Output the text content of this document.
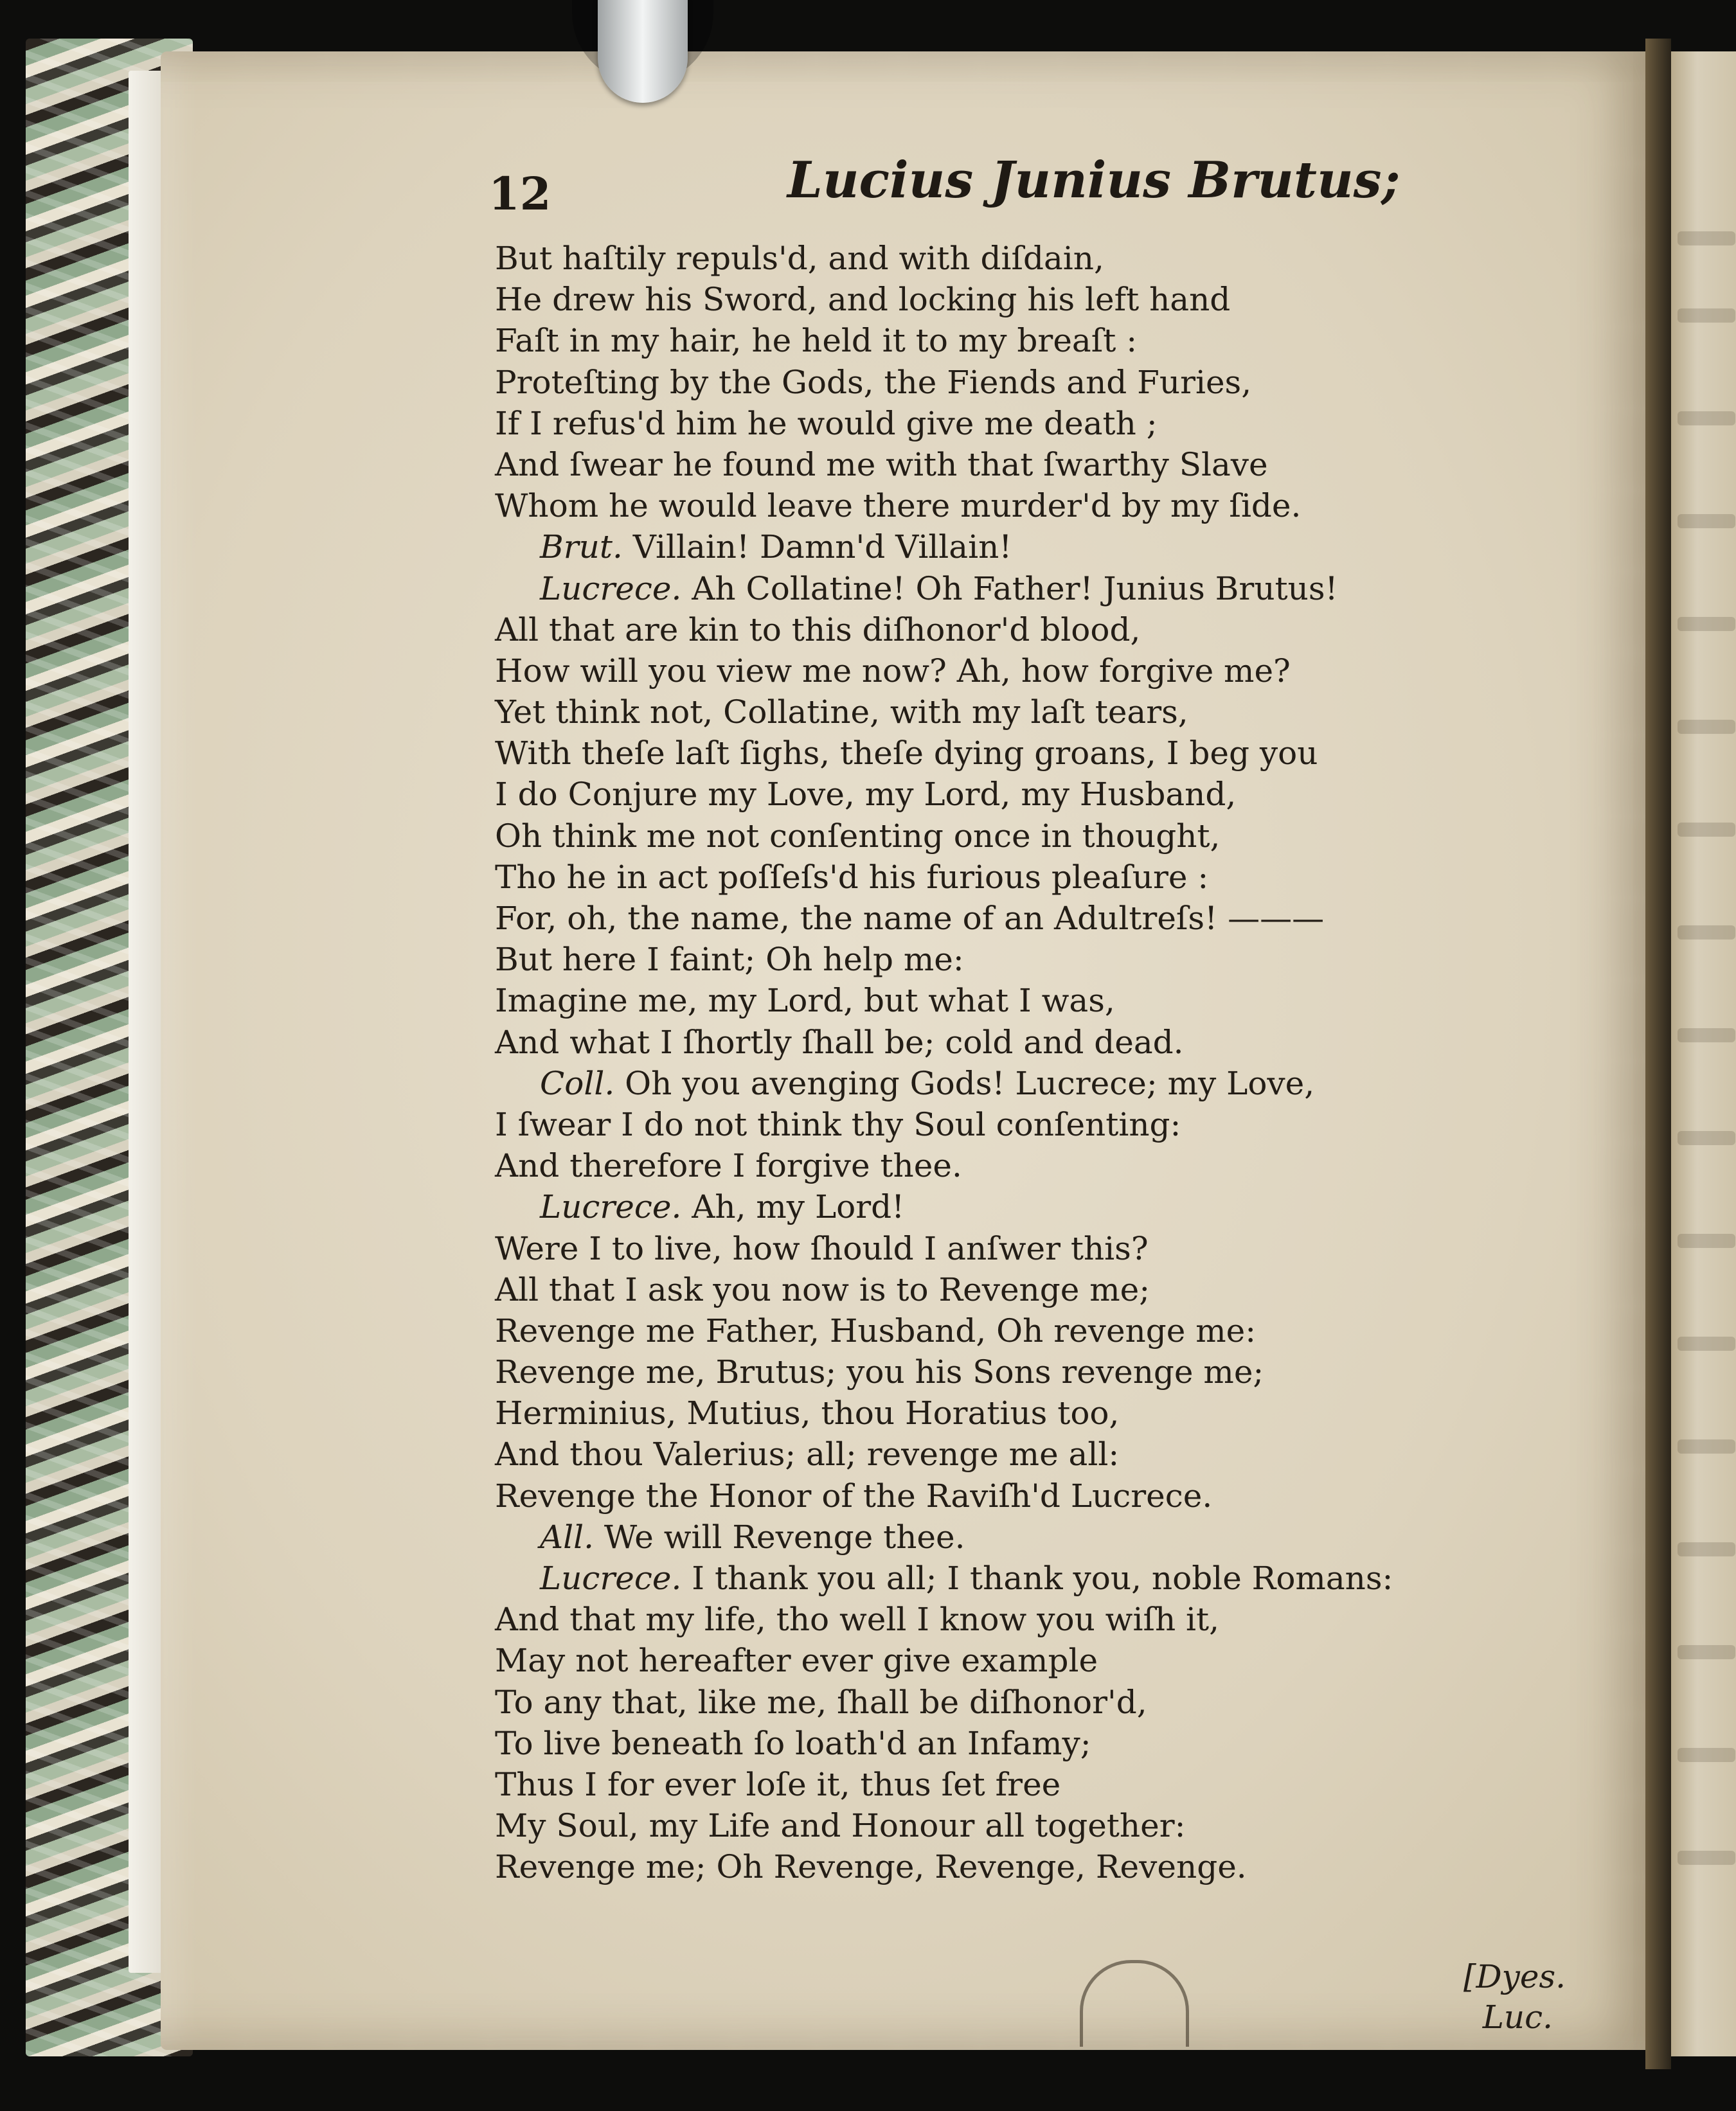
12	Lucius Junius Brutus;
But haſtily repuls'd, and with diſdain,
He drew his Sword, and locking his left hand
Faſt in my hair, he held it to my breaſt :
Proteſting by the Gods, the Fiends and Furies,
If I refus'd him he would give me death ;
And ſwear he found me with that ſwarthy Slave
Whom he would leave there murder'd by my ſide.
Brut. Villain! Damn'd Villain!
Lucrece. Ah Collatine! Oh Father! Junius Brutus!
All that are kin to this diſhonor'd blood,
How will you view me now? Ah, how forgive me?
Yet think not, Collatine, with my laſt tears,
With theſe laſt ſighs, theſe dying groans, I beg you
I do Conjure my Love, my Lord, my Husband,
Oh think me not conſenting once in thought,
Tho he in act poſſeſs'd his furious pleaſure :
For, oh, the name, the name of an Adultreſs! ———
But here I faint; Oh help me:
Imagine me, my Lord, but what I was,
And what I ſhortly ſhall be; cold and dead.
Coll. Oh you avenging Gods! Lucrece; my Love,
I ſwear I do not think thy Soul conſenting:
And therefore I forgive thee.
Lucrece. Ah, my Lord!
Were I to live, how ſhould I anſwer this?
All that I ask you now is to Revenge me;
Revenge me Father, Husband, Oh revenge me:
Revenge me, Brutus; you his Sons revenge me;
Herminius, Mutius, thou Horatius too,
And thou Valerius; all; revenge me all:
Revenge the Honor of the Raviſh'd Lucrece.
All. We will Revenge thee.
Lucrece. I thank you all; I thank you, noble Romans:
And that my life, tho well I know you wiſh it,
May not hereafter ever give example
To any that, like me, ſhall be diſhonor'd,
To live beneath ſo loath'd an Infamy;
Thus I for ever loſe it, thus ſet free
My Soul, my Life and Honour all together:
Revenge me; Oh Revenge, Revenge, Revenge.
[Dyes.
Luc.
